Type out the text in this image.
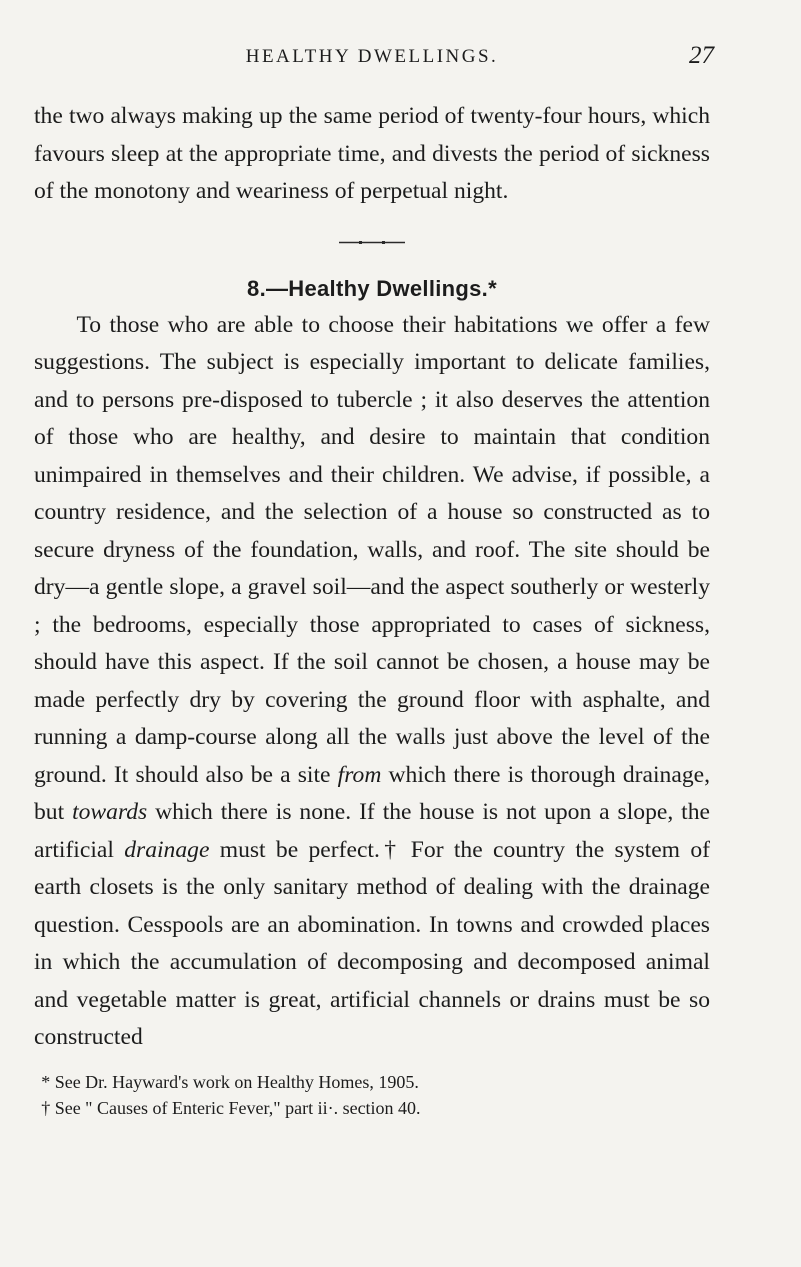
HEALTHY DWELLINGS.	27

the two always making up the same period of twenty-four hours, which favours sleep at the appropriate time, and divests the period of sickness of the monotony and weariness of perpetual night.

8.—Healthy Dwellings.*

To those who are able to choose their habitations we offer a few suggestions. The subject is especially important to delicate families, and to persons pre-disposed to tubercle ; it also deserves the attention of those who are healthy, and desire to maintain that condition unimpaired in themselves and their children. We advise, if possible, a country residence, and the selection of a house so constructed as to secure dryness of the foundation, walls, and roof. The site should be dry—a gentle slope, a gravel soil—and the aspect southerly or westerly ; the bedrooms, especially those appropriated to cases of sickness, should have this aspect. If the soil cannot be chosen, a house may be made perfectly dry by covering the ground floor with asphalte, and running a damp-course along all the walls just above the level of the ground. It should also be a site from which there is thorough drainage, but towards which there is none. If the house is not upon a slope, the artificial drainage must be perfect.† For the country the system of earth closets is the only sanitary method of dealing with the drainage question. Cesspools are an abomination. In towns and crowded places in which the accumulation of decomposing and decomposed animal and vegetable matter is great, artificial channels or drains must be so constructed

* See Dr. Hayward's work on Healthy Homes, 1905.

† See " Causes of Enteric Fever," part ii·. section 40.
